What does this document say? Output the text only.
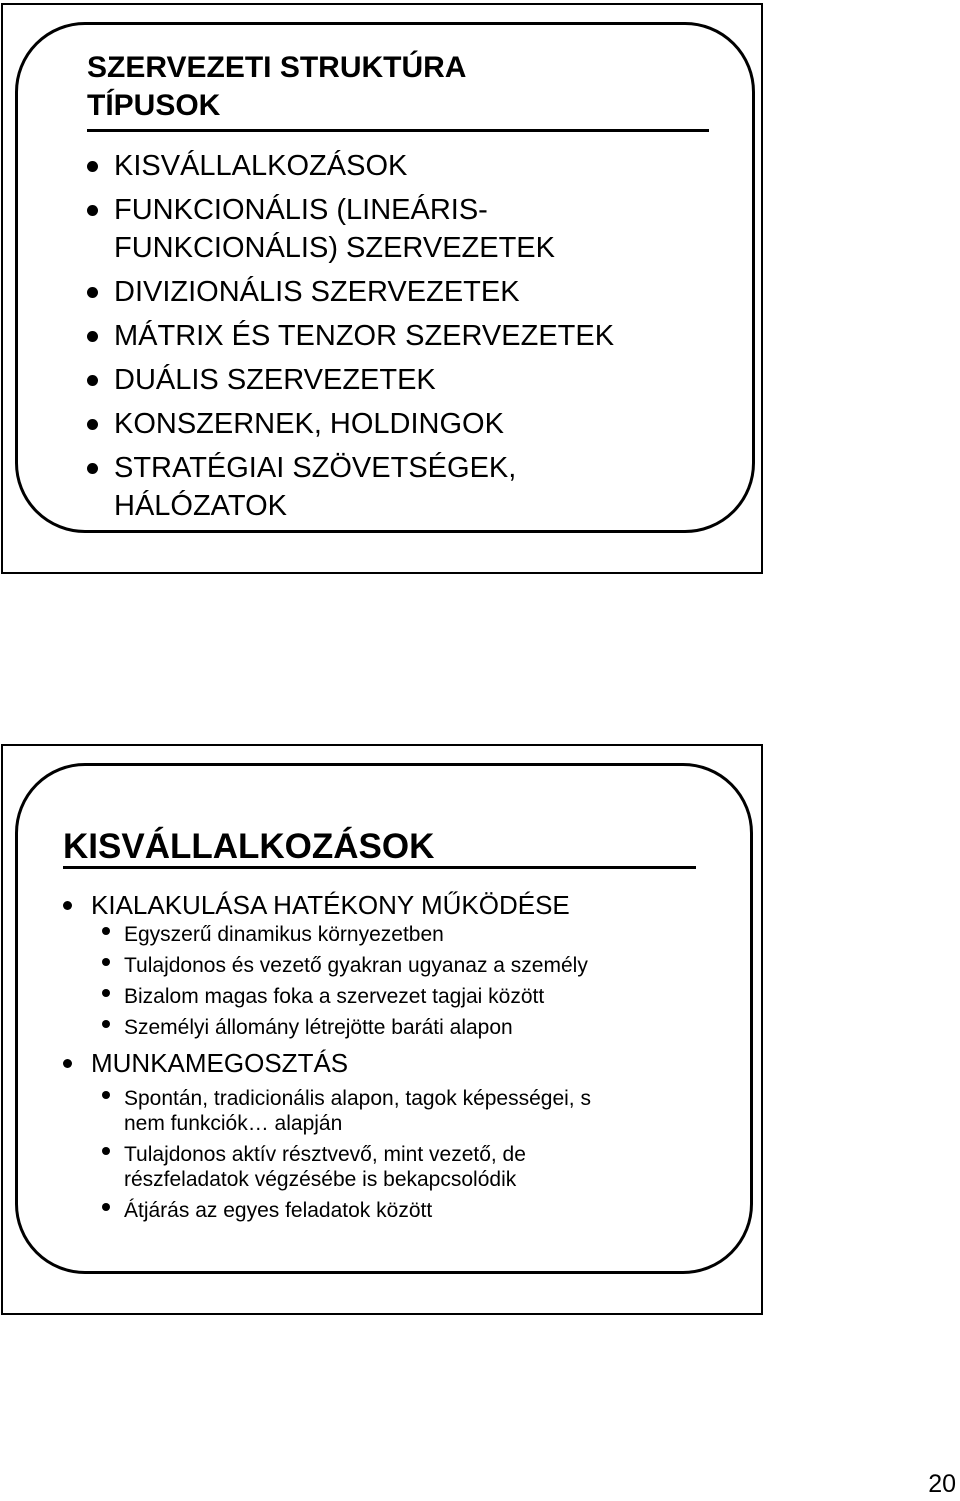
SZERVEZETI STRUKTÚRA
TÍPUSOK
KISVÁLLALKOZÁSOK
FUNKCIONÁLIS (LINEÁRIS-
FUNKCIONÁLIS) SZERVEZETEK
DIVIZIONÁLIS SZERVEZETEK
MÁTRIX ÉS TENZOR SZERVEZETEK
DUÁLIS SZERVEZETEK
KONSZERNEK, HOLDINGOK
STRATÉGIAI SZÖVETSÉGEK,
HÁLÓZATOK
KISVÁLLALKOZÁSOK
KIALAKULÁSA HATÉKONY MŰKÖDÉSE
Egyszerű dinamikus környezetben
Tulajdonos és vezető gyakran ugyanaz a személy
Bizalom magas foka a szervezet tagjai között
Személyi állomány létrejötte baráti alapon
MUNKAMEGOSZTÁS
Spontán, tradicionális alapon, tagok képességei, s
nem funkciók… alapján
Tulajdonos aktív résztvevő, mint vezető, de
részfeladatok végzésébe is bekapcsolódik
Átjárás az egyes feladatok között
20
